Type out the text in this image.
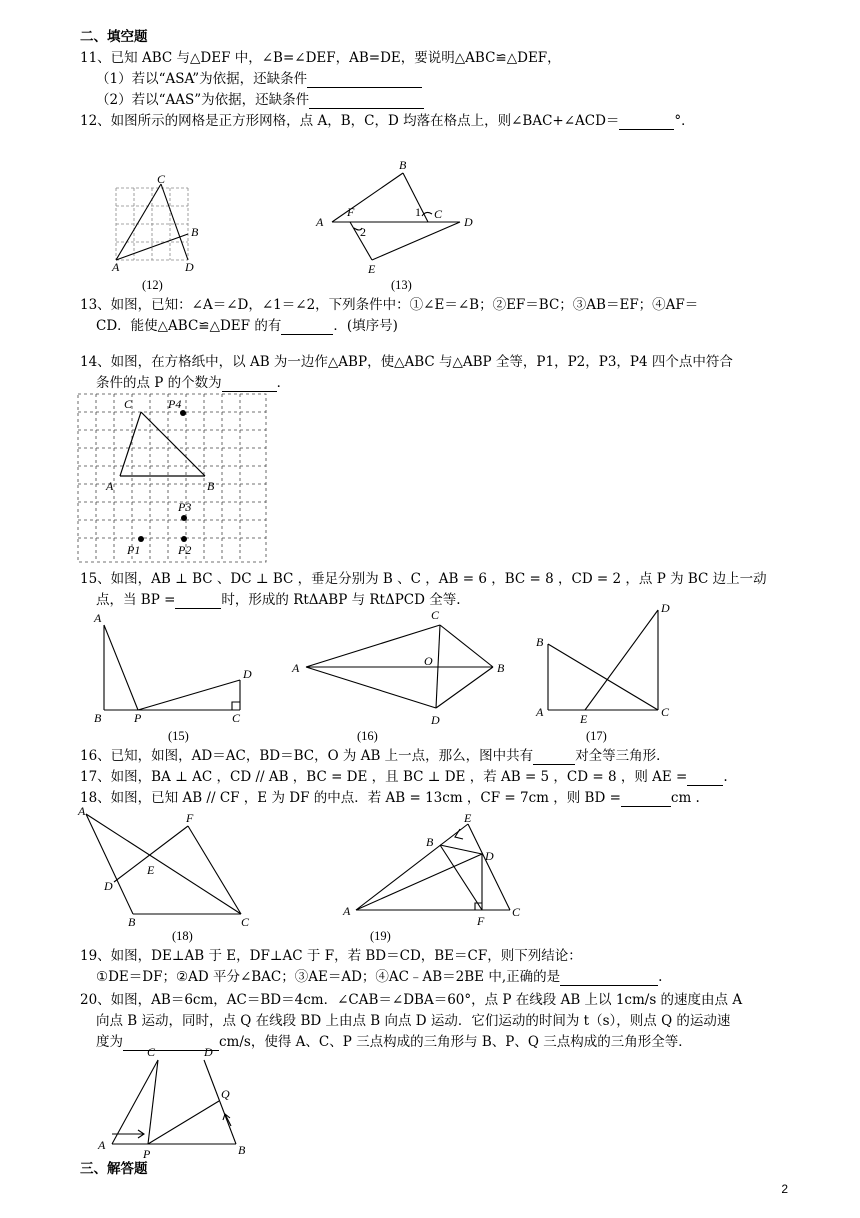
二、填空题
11、已知 ABC 与△DEF 中，∠B=∠DEF，AB=DE，要说明△ABC≌△DEF，
（1）若以“ASA”为依据，还缺条件
（2）若以“AAS”为依据，还缺条件
12、如图所示的网格是正方形网格，点 A，B，C，D 均落在格点上，则∠BAC+∠ACD＝	°．
C
B
A	D
(12)
B
A
F	1 C
D
2
E
(13)
13、如图，已知：∠A＝∠D，∠1＝∠2，下列条件中：①∠E＝∠B；②EF＝BC；③AB＝EF；④AF＝
CD．能使△ABC≌△DEF 的有	．(填序号)
14、如图，在方格纸中，以 AB 为一边作△ABP，使△ABC 与△ABP 全等，P1，P2，P3，P4 四个点中符合
条件的点 P 的个数为	．
C	P4
A	B
P3
P1	P2
15、如图，AB ⊥ BC 、DC ⊥ BC ，垂足分别为 B 、C ，AB = 6 ，BC = 8 ，CD = 2 ，点 P 为 BC 边上一动
点，当 BP =	时，形成的 RtΔABP 与 RtΔPCD 全等.
A
B	P	C
D
(15)
A
C
O	B
D
(16)
B
A	E	C
D
(17)
16、已知，如图，AD＝AC，BD＝BC，O 为 AB 上一点，那么，图中共有	对全等三角形．
17、如图，BA ⊥ AC ，CD // AB ，BC = DE ，且 BC ⊥ DE ，若 AB = 5 ，CD = 8 ，则 AE =	.
18、如图，已知 AB // CF ，E 为 DF 的中点．若 AB = 13cm ，CF = 7cm ，则 BD =	cm .
A	F
E
D
B	C
(18)
B
E
D
A
F
C
(19)
19、如图，DE⊥AB 于 E，DF⊥AC 于 F，若 BD＝CD，BE＝CF，则下列结论：
①DE＝DF；②AD 平分∠BAC；③AE＝AD；④AC﹣AB＝2BE 中,正确的是	.
20、如图，AB＝6cm，AC＝BD＝4cm．∠CAB＝∠DBA＝60°，点 P 在线段 AB 上以 1cm/s 的速度由点 A
向点 B 运动，同时，点 Q 在线段 BD 上由点 B 向点 D 运动．它们运动的时间为 t（s），则点 Q 的运动速
度为	cm/s，使得 A、C、P 三点构成的三角形与 B、P、Q 三点构成的三角形全等．
C	D
Q
A
P	B
三、解答题
2
